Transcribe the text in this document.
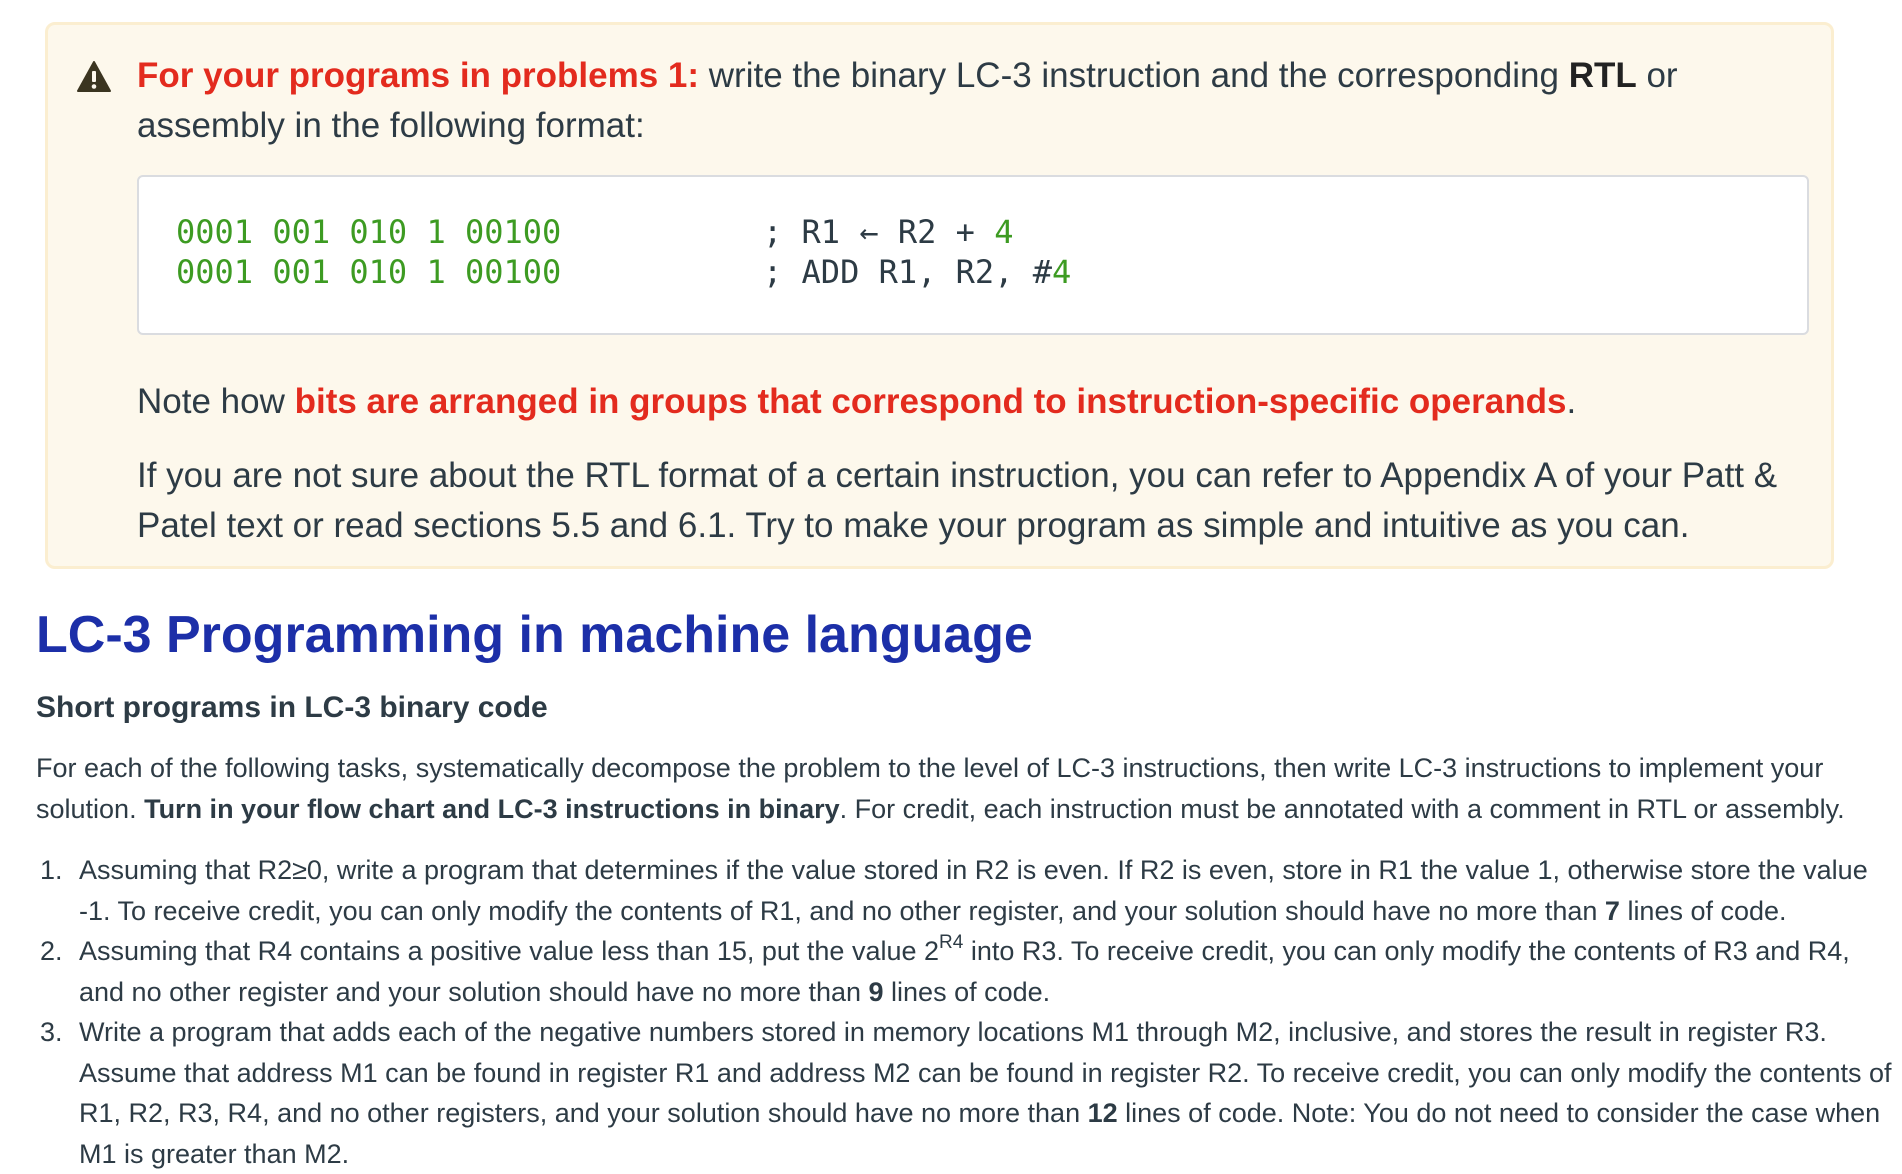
For your programs in problems 1: write the binary LC-3 instruction and the corresponding RTL or assembly in the following format:
0001 001 010 1 00100	; R1 ← R2 + 4
0001 001 010 1 00100	; ADD R1, R2, #4
Note how bits are arranged in groups that correspond to instruction-specific operands.
If you are not sure about the RTL format of a certain instruction, you can refer to Appendix A of your Patt & Patel text or read sections 5.5 and 6.1. Try to make your program as simple and intuitive as you can.
LC-3 Programming in machine language
Short programs in LC-3 binary code
For each of the following tasks, systematically decompose the problem to the level of LC-3 instructions, then write LC-3 instructions to implement your solution. Turn in your flow chart and LC-3 instructions in binary. For credit, each instruction must be annotated with a comment in RTL or assembly.
1. Assuming that R2≥0, write a program that determines if the value stored in R2 is even. If R2 is even, store in R1 the value 1, otherwise store the value -1. To receive credit, you can only modify the contents of R1, and no other register, and your solution should have no more than 7 lines of code.
2. Assuming that R4 contains a positive value less than 15, put the value $2^{R4}$ into R3. To receive credit, you can only modify the contents of R3 and R4, and no other register and your solution should have no more than 9 lines of code.
3. Write a program that adds each of the negative numbers stored in memory locations M1 through M2, inclusive, and stores the result in register R3. Assume that address M1 can be found in register R1 and address M2 can be found in register R2. To receive credit, you can only modify the contents of R1, R2, R3, R4, and no other registers, and your solution should have no more than 12 lines of code. Note: You do not need to consider the case when M1 is greater than M2.
